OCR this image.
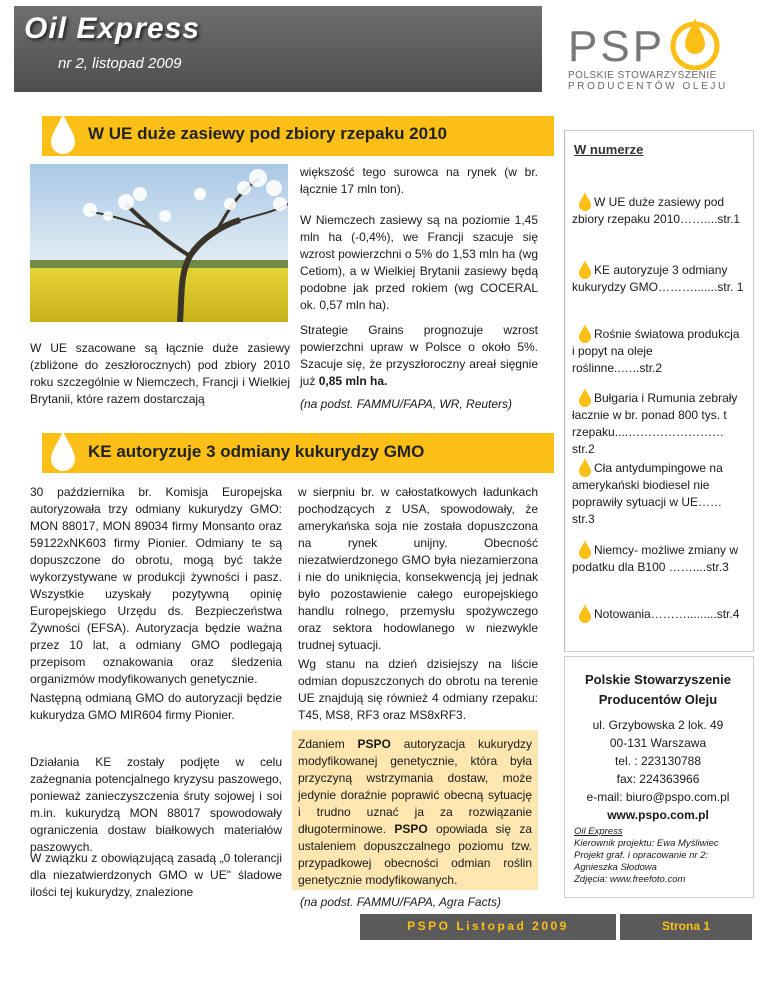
Oil Express
nr 2, listopad 2009	PSP
POLSKIE STOWARZYSZENIE
PRODUCENTÓW OLEJU
W UE duże zasiewy pod zbiory rzepaku 2010
W UE szacowane są łącznie duże zasiewy (zbliżone do zeszłorocznych) pod zbiory 2010 roku szczególnie w Niemczech, Francji i Wielkiej Brytanii, które razem dostarczają
większość tego surowca na rynek (w br. łącznie 17 mln ton).
W Niemczech zasiewy są na poziomie 1,45 mln ha (-0,4%), we Francji szacuje się wzrost powierzchni o 5% do 1,53 mln ha (wg Cetiom), a w Wielkiej Brytanii zasiewy będą podobne jak przed rokiem (wg COCERAL ok. 0,57 mln ha).
Strategie Grains prognozuje wzrost powierzchni upraw w Polsce o około 5%. Szacuje się, że przyszłoroczny areał sięgnie już 0,85 mln ha.
(na podst. FAMMU/FAPA, WR, Reuters)
KE autoryzuje 3 odmiany kukurydzy GMO
30 października br. Komisja Europejska autoryzowała trzy odmiany kukurydzy GMO: MON 88017, MON 89034 firmy Monsanto oraz 59122xNK603 firmy Pionier. Odmiany te są dopuszczone do obrotu, mogą być także wykorzystywane w produkcji żywności i pasz. Wszystkie uzyskały pozytywną opinię Europejskiego Urzędu ds. Bezpieczeństwa Żywności (EFSA). Autoryzacja będzie ważna przez 10 lat, a odmiany GMO podlegają przepisom oznakowania oraz śledzenia organizmów modyfikowanych genetycznie.
Następną odmianą GMO do autoryzacji będzie kukurydza GMO MIR604 firmy Pionier.
Działania KE zostały podjęte w celu zażegnania potencjalnego kryzysu paszowego, ponieważ zanieczyszczenia śruty sojowej i soi m.in. kukurydzą MON 88017 spowodowały ograniczenia dostaw białkowych materiałów paszowych.
W związku z obowiązującą zasadą „0 tolerancji dla niezatwierdzonych GMO w UE" śladowe ilości tej kukurydzy, znalezione
w sierpniu br. w całostatkowych ładunkach pochodzących z USA, spowodowały, że amerykańska soja nie została dopuszczona na rynek unijny. Obecność niezatwierdzonego GMO była niezamierzona i nie do uniknięcia, konsekwencją jej jednak było pozostawienie całego europejskiego handlu rolnego, przemysłu spożywczego oraz sektora hodowlanego w niezwykle trudnej sytuacji.
Wg stanu na dzień dzisiejszy na liście odmian dopuszczonych do obrotu na terenie UE znajdują się również 4 odmiany rzepaku: T45, MS8, RF3 oraz MS8xRF3.
Zdaniem PSPO autoryzacja kukurydzy modyfikowanej genetycznie, która była przyczyną wstrzymania dostaw, może jedynie doraźnie poprawić obecną sytuację i trudno uznać ja za rozwiązanie długoterminowe. PSPO opowiada się za ustaleniem dopuszczalnego poziomu tzw. przypadkowej obecności odmian roślin genetycznie modyfikowanych.
(na podst. FAMMU/FAPA, Agra Facts)
W numerze
W UE duże zasiewy pod zbiory rzepaku 2010……....str.1
KE autoryzuje 3 odmiany kukurydzy GMO……….......str. 1
Rośnie światowa produkcja i popyt na oleje roślinne..…..str.2
Bułgaria i Rumunia zebrały łacznie w br. ponad 800 tys. t rzepaku....……………………str.2
Cła antydumpingowe na amerykański biodiesel nie poprawiły sytuacji w UE……str.3
Niemcy- możliwe zmiany w podatku dla B100 ……....str.3
Notowania……….........str.4
Polskie Stowarzyszenie
Producentów Oleju
ul. Grzybowska 2 lok. 49
00-131 Warszawa
tel. : 223130788
fax: 224363966
e-mail: biuro@pspo.com.pl
www.pspo.com.pl
Oil Express
Kierownik projektu: Ewa Myśliwiec
Projekt graf. i opracowanie nr 2: Agnieszka Słodowa
Zdjęcia: www.freefoto.com
PSPO Listopad 2009	Strona 1
